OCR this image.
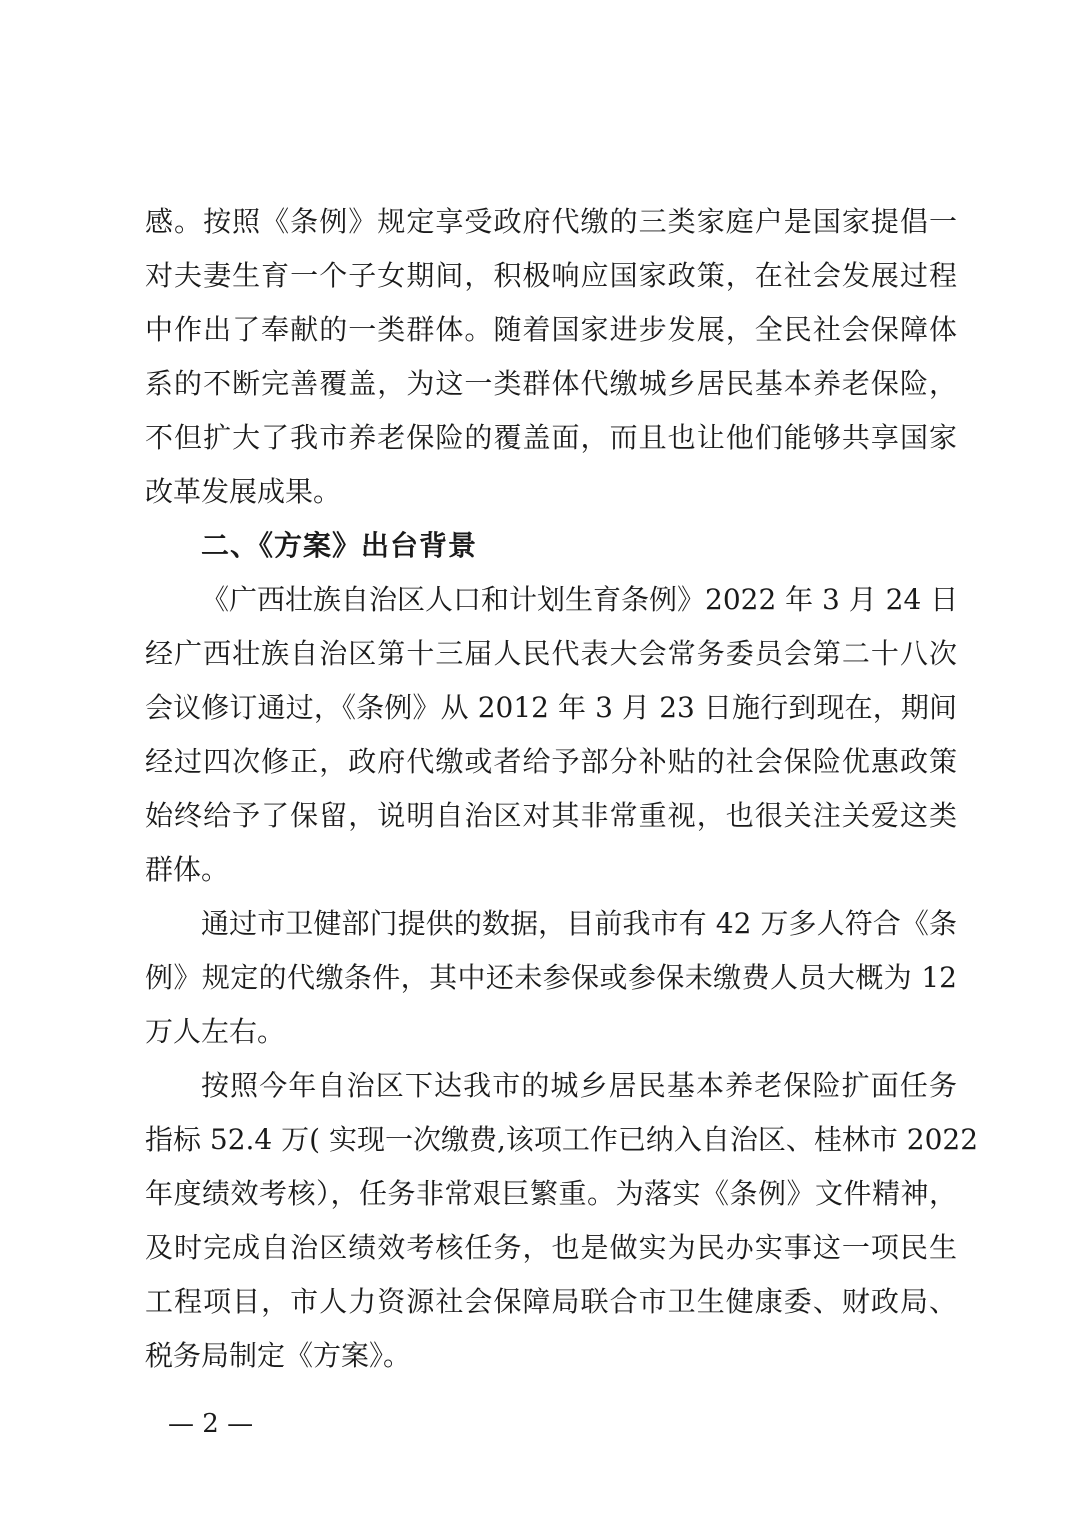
感。按照《条例》规定享受政府代缴的三类家庭户是国家提倡一
对夫妻生育一个子女期间，积极响应国家政策，在社会发展过程
中作出了奉献的一类群体。随着国家进步发展，全民社会保障体
系的不断完善覆盖，为这一类群体代缴城乡居民基本养老保险，
不但扩大了我市养老保险的覆盖面，而且也让他们能够共享国家
改革发展成果。
二、《方案》出台背景
《广西壮族自治区人口和计划生育条例》2022 年 3 月 24 日
经广西壮族自治区第十三届人民代表大会常务委员会第二十八次
会议修订通过，《条例》从 2012 年 3 月 23 日施行到现在，期间
经过四次修正，政府代缴或者给予部分补贴的社会保险优惠政策
始终给予了保留，说明自治区对其非常重视，也很关注关爱这类
群体。
通过市卫健部门提供的数据，目前我市有 42 万多人符合《条
例》规定的代缴条件，其中还未参保或参保未缴费人员大概为 12
万人左右。
按照今年自治区下达我市的城乡居民基本养老保险扩面任务
指标 52.4 万( 实现一次缴费,该项工作已纳入自治区、桂林市 2022
年度绩效考核），任务非常艰巨繁重。为落实《条例》文件精神，
及时完成自治区绩效考核任务，也是做实为民办实事这一项民生
工程项目，市人力资源社会保障局联合市卫生健康委、财政局、
税务局制定《方案》。
— 2 —
